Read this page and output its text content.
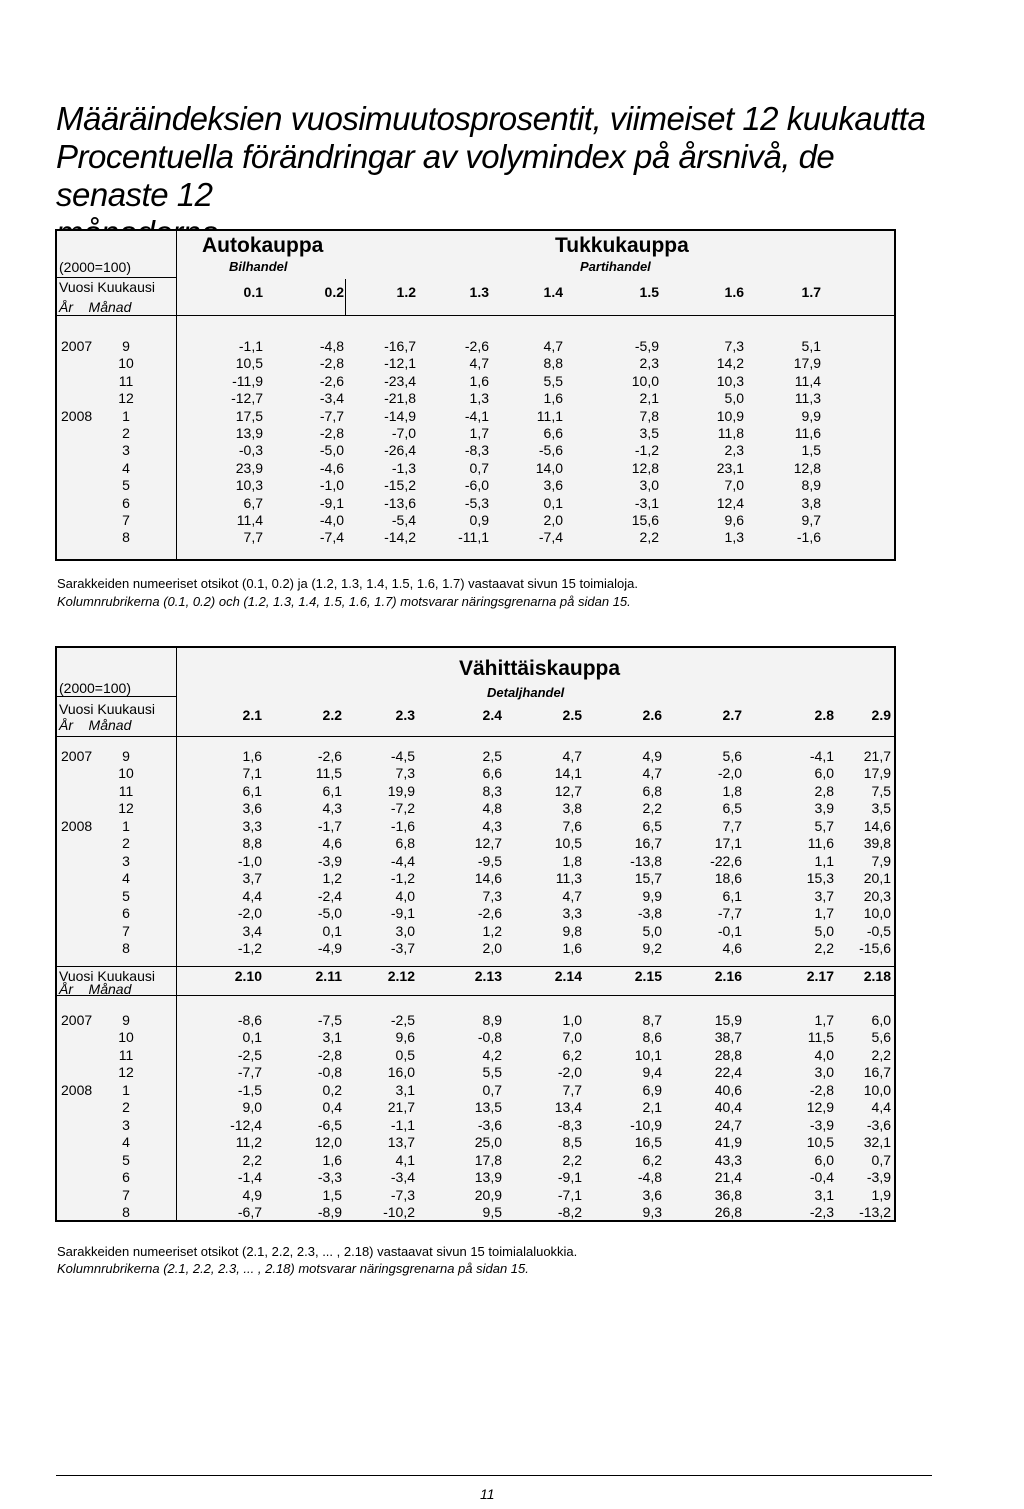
Määräindeksien vuosimuutosprosentit, viimeiset 12 kuukautta
Procentuella förändringar av volymindex på årsnivå, de senaste 12
(2000=100)
Vuosi Kuukausi
År    Månad
Autokauppa
Bilhandel
Tukkukauppa
Partihandel
0.1	0.2	1.2	1.3	1.4	1.5	1.6	1.7
2007	9	-1,1	-4,8	-16,7	-2,6	4,7	-5,9	7,3	5,1
10	10,5	-2,8	-12,1	4,7	8,8	2,3	14,2	17,9
11	-11,9	-2,6	-23,4	1,6	5,5	10,0	10,3	11,4
12	-12,7	-3,4	-21,8	1,3	1,6	2,1	5,0	11,3
2008	1	17,5	-7,7	-14,9	-4,1	11,1	7,8	10,9	9,9
2	13,9	-2,8	-7,0	1,7	6,6	3,5	11,8	11,6
3	-0,3	-5,0	-26,4	-8,3	-5,6	-1,2	2,3	1,5
4	23,9	-4,6	-1,3	0,7	14,0	12,8	23,1	12,8
5	10,3	-1,0	-15,2	-6,0	3,6	3,0	7,0	8,9
6	6,7	-9,1	-13,6	-5,3	0,1	-3,1	12,4	3,8
7	11,4	-4,0	-5,4	0,9	2,0	15,6	9,6	9,7
8	7,7	-7,4	-14,2	-11,1	-7,4	2,2	1,3	-1,6
Sarakkeiden numeeriset otsikot (0.1, 0.2) ja (1.2, 1.3, 1.4, 1.5, 1.6, 1.7) vastaavat sivun 15 toimialoja.
Kolumnrubrikerna (0.1, 0.2) och (1.2, 1.3, 1.4, 1.5, 1.6, 1.7) motsvarar näringsgrenarna på sidan 15.
(2000=100)
Vähittäiskauppa
Detaljhandel
Vuosi Kuukausi
År    Månad
Vuosi Kuukausi
År    Månad
2.1	2.2	2.3	2.4	2.5	2.6	2.7	2.8	2.9
2007	9	1,6	-2,6	-4,5	2,5	4,7	4,9	5,6	-4,1	21,7
10	7,1	11,5	7,3	6,6	14,1	4,7	-2,0	6,0	17,9
11	6,1	6,1	19,9	8,3	12,7	6,8	1,8	2,8	7,5
12	3,6	4,3	-7,2	4,8	3,8	2,2	6,5	3,9	3,5
2008	1	3,3	-1,7	-1,6	4,3	7,6	6,5	7,7	5,7	14,6
2	8,8	4,6	6,8	12,7	10,5	16,7	17,1	11,6	39,8
3	-1,0	-3,9	-4,4	-9,5	1,8	-13,8	-22,6	1,1	7,9
4	3,7	1,2	-1,2	14,6	11,3	15,7	18,6	15,3	20,1
5	4,4	-2,4	4,0	7,3	4,7	9,9	6,1	3,7	20,3
6	-2,0	-5,0	-9,1	-2,6	3,3	-3,8	-7,7	1,7	10,0
7	3,4	0,1	3,0	1,2	9,8	5,0	-0,1	5,0	-0,5
8	-1,2	-4,9	-3,7	2,0	1,6	9,2	4,6	2,2	-15,6
2.10	2.11	2.12	2.13	2.14	2.15	2.16	2.17	2.18
2007	9	-8,6	-7,5	-2,5	8,9	1,0	8,7	15,9	1,7	6,0
10	0,1	3,1	9,6	-0,8	7,0	8,6	38,7	11,5	5,6
11	-2,5	-2,8	0,5	4,2	6,2	10,1	28,8	4,0	2,2
12	-7,7	-0,8	16,0	5,5	-2,0	9,4	22,4	3,0	16,7
2008	1	-1,5	0,2	3,1	0,7	7,7	6,9	40,6	-2,8	10,0
2	9,0	0,4	21,7	13,5	13,4	2,1	40,4	12,9	4,4
3	-12,4	-6,5	-1,1	-3,6	-8,3	-10,9	24,7	-3,9	-3,6
4	11,2	12,0	13,7	25,0	8,5	16,5	41,9	10,5	32,1
5	2,2	1,6	4,1	17,8	2,2	6,2	43,3	6,0	0,7
6	-1,4	-3,3	-3,4	13,9	-9,1	-4,8	21,4	-0,4	-3,9
7	4,9	1,5	-7,3	20,9	-7,1	3,6	36,8	3,1	1,9
8	-6,7	-8,9	-10,2	9,5	-8,2	9,3	26,8	-2,3	-13,2
Sarakkeiden numeeriset otsikot (2.1, 2.2, 2.3, ... , 2.18) vastaavat sivun 15 toimialaluokkia.
Kolumnrubrikerna (2.1, 2.2, 2.3, ... , 2.18) motsvarar näringsgrenarna på sidan 15.
11
